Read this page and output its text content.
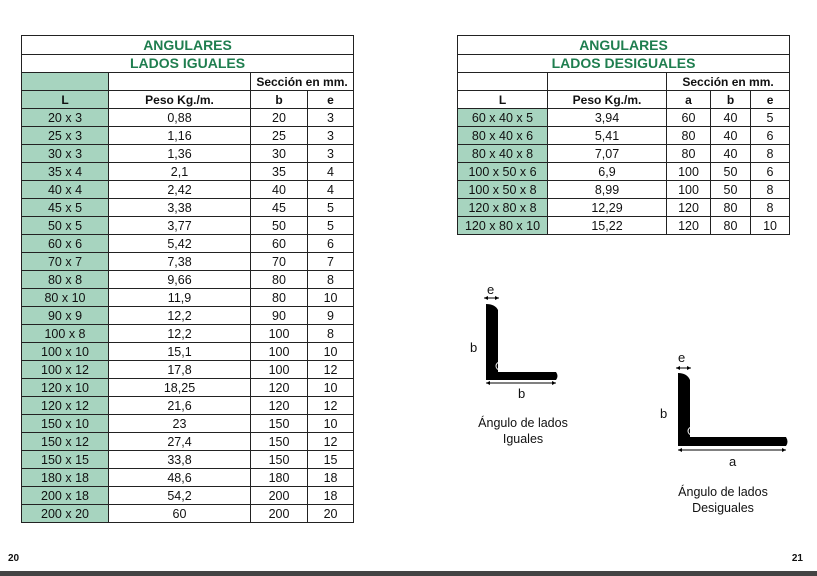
ANGULARES			
LADOS IGUALES			
		Sección en mm.	
L	Peso Kg./m.	b	e
20 x 3	0,88	20	3
25 x 3	1,16	25	3
30 x 3	1,36	30	3
35 x 4	2,1	35	4
40 x 4	2,42	40	4
45 x 5	3,38	45	5
50 x 5	3,77	50	5
60 x 6	5,42	60	6
70 x 7	7,38	70	7
80 x 8	9,66	80	8
80 x 10	11,9	80	10
90 x 9	12,2	90	9
100 x 8	12,2	100	8
100 x 10	15,1	100	10
100 x 12	17,8	100	12
120 x 10	18,25	120	10
120 x 12	21,6	120	12
150 x 10	23	150	10
150 x 12	27,4	150	12
150 x 15	33,8	150	15
180 x 18	48,6	180	18
200 x 18	54,2	200	18
200 x 20	60	200	20
ANGULARES				
LADOS DESIGUALES				
		Sección en mm.		
L	Peso Kg./m.	a	b	e
60 x 40 x 5	3,94	60	40	5
80 x 40 x 6	5,41	80	40	6
80 x 40 x 8	7,07	80	40	8
100 x 50 x 6	6,9	100	50	6
100 x 50 x 8	8,99	100	50	8
120 x 80 x 8	12,29	120	80	8
120 x 80 x 10	15,22	120	80	10
e
b
b
Ángulo de lados
Iguales
e
b
a
Ángulo de lados
Desiguales
20	21
